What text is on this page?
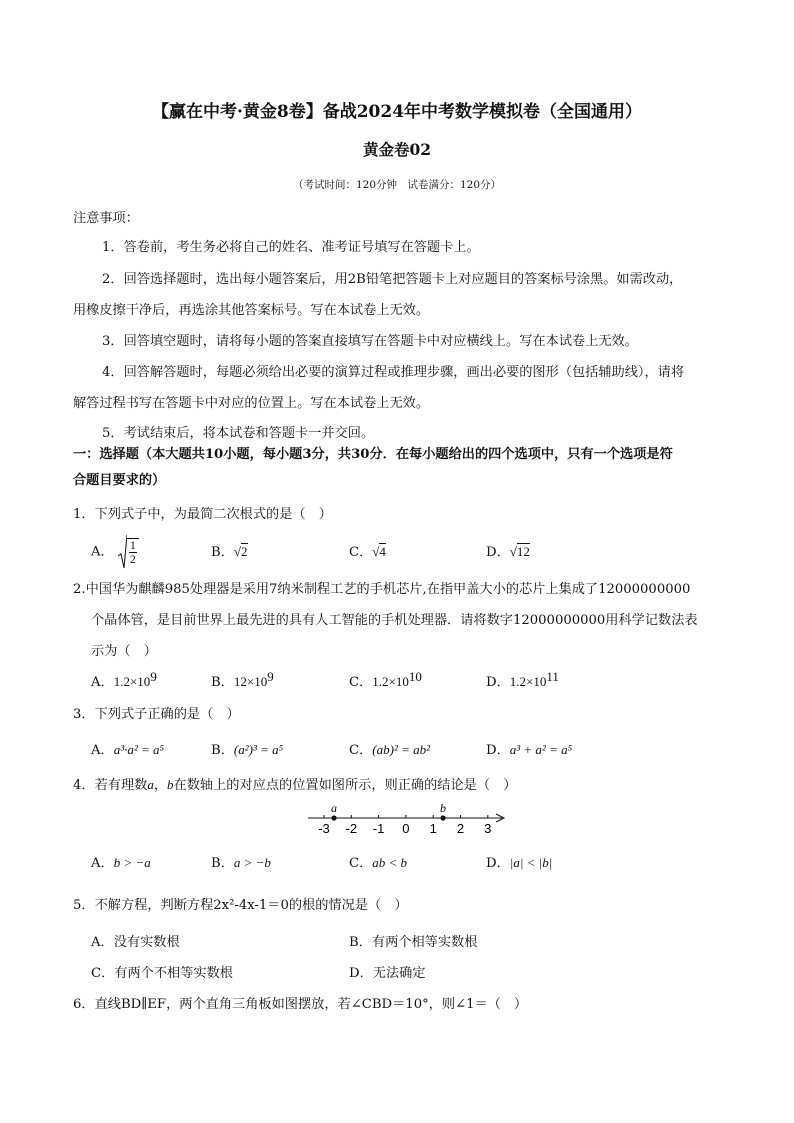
【赢在中考·黄金8卷】备战2024年中考数学模拟卷（全国通用）
黄金卷02
（考试时间：120分钟　试卷满分：120分）
注意事项：
1．答卷前，考生务必将自己的姓名、准考证号填写在答题卡上。
2．回答选择题时，选出每小题答案后，用2B铅笔把答题卡上对应题目的答案标号涂黑。如需改动，
用橡皮擦干净后，再选涂其他答案标号。写在本试卷上无效。
3．回答填空题时，请将每小题的答案直接填写在答题卡中对应横线上。写在本试卷上无效。
4．回答解答题时，每题必须给出必要的演算过程或推理步骤，画出必要的图形（包括辅助线），请将
解答过程书写在答题卡中对应的位置上。写在本试卷上无效。
5．考试结束后，将本试卷和答题卡一并交回。
一：选择题（本大题共10小题，每小题3分，共30分．在每小题给出的四个选项中，只有一个选项是符
合题目要求的）
1．下列式子中，为最简二次根式的是（　）
A． $\frac{1}{2}$	B．√2	C．√4	D．√12
2.中国华为麒麟985处理器是采用7纳米制程工艺的手机芯片,在指甲盖大小的芯片上集成了12000000000
个晶体管，是目前世界上最先进的具有人工智能的手机处理器．请将数字12000000000用科学记数法表
示为（　）
A．$1.2\times 10^9$	B．$12\times 10^9$	C．$1.2\times 10^{10}$	D．$1.2\times 10^{11}$
3．下列式子正确的是（　）
A．a³·a² = a⁵	B．(a²)³ = a⁵	C．(ab)² = ab²	D．a³ + a² = a⁵
4．若有理数a，b在数轴上的对应点的位置如图所示，则正确的结论是（　）
-3 -2 -1 0 1 2 3
a	b
A．b > −a	B．a > −b	C．ab < b	D．|a| < |b|
5．不解方程，判断方程2x²-4x-1＝0的根的情况是（　）
A．没有实数根	B．有两个相等实数根
C．有两个不相等实数根	D．无法确定
6．直线BD∥EF，两个直角三角板如图摆放，若∠CBD＝10°，则∠1＝（　）
